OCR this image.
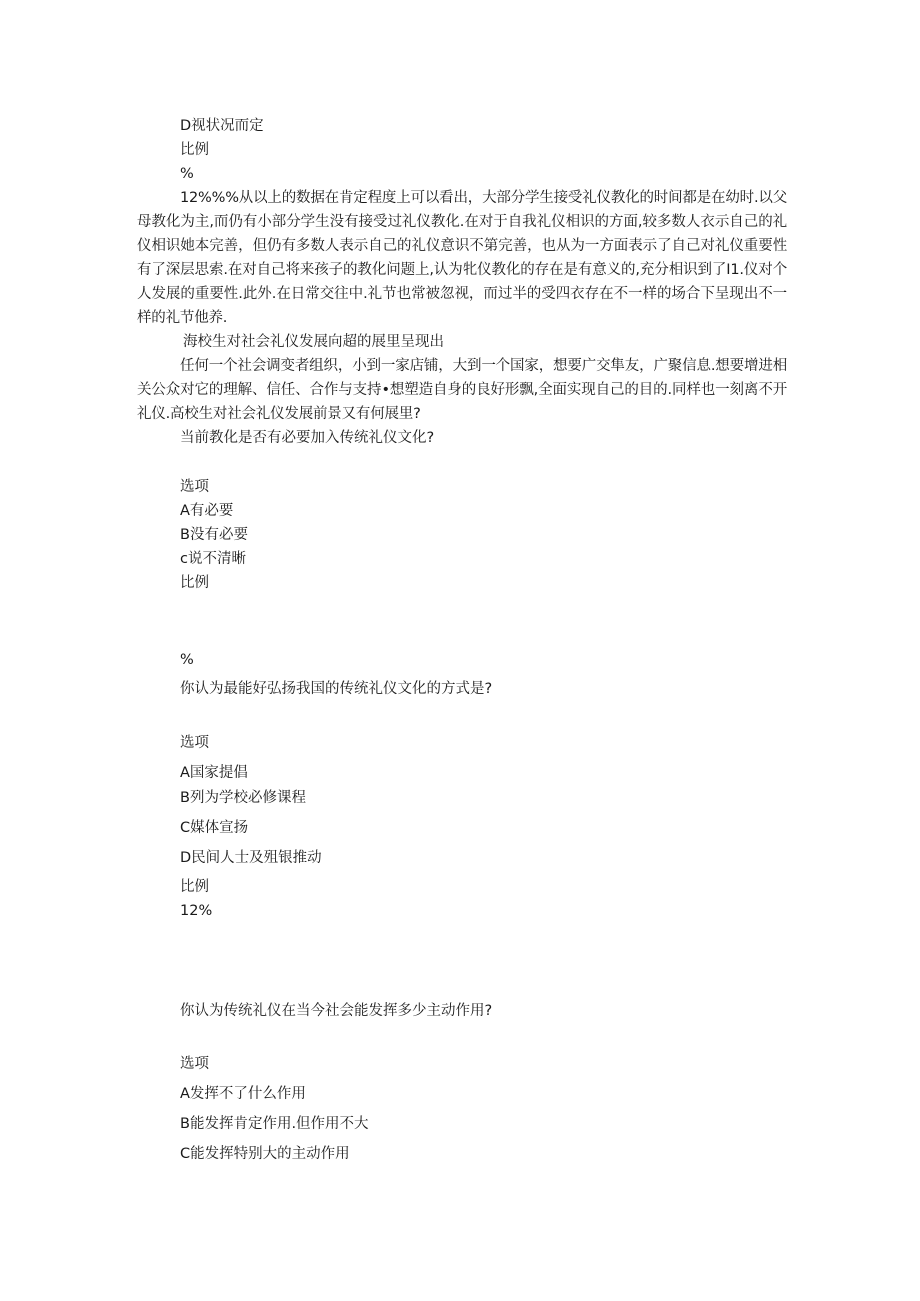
D视状况而定

比例

%

12%%%从以上的数据在肯定程度上可以看出，大部分学生接受礼仪教化的时间都是在幼时.以父母教化为主,而仍有小部分学生没有接受过礼仪教化.在对于自我礼仪相识的方面,较多数人衣示自己的礼仪相识她本完善，但仍有多数人表示自己的礼仪意识不第完善，也从为一方面表示了自己对礼仪重要性有了深层思索.在对自己将来孩子的教化问题上,认为牝仪教化的存在是有意义的,充分相识到了I1.仪对个人发展的重要性.此外.在日常交往中.礼节也常被忽视，而过半的受四衣存在不一样的场合下呈现出不一样的礼节他养.

海校生对社会礼仪发展向超的展里呈现出

任何一个社会调变者组织，小到一家店铺，大到一个国家，想要广交隼友，广聚信息.想要增进相关公众对它的理解、信任、合作与支持•想塑造自身的良好形飘,全面实现自己的目的.同样也一刻离不开礼仪.高校生对社会礼仪发展前景又有何展里?

当前教化是否有必要加入传统礼仪文化?

选项

A有必要

B没有必要

c说不清晰

比例

%

你认为最能好弘扬我国的传统礼仪文化的方式是?

选项

A国家提倡

B列为学校必修课程

C媒体宣扬

D民间人士及殂银推动

比例

12%

你认为传统礼仪在当今社会能发挥多少主动作用?

选项

A发挥不了什么作用

B能发挥肯定作用.但作用不大

C能发挥特别大的主动作用
